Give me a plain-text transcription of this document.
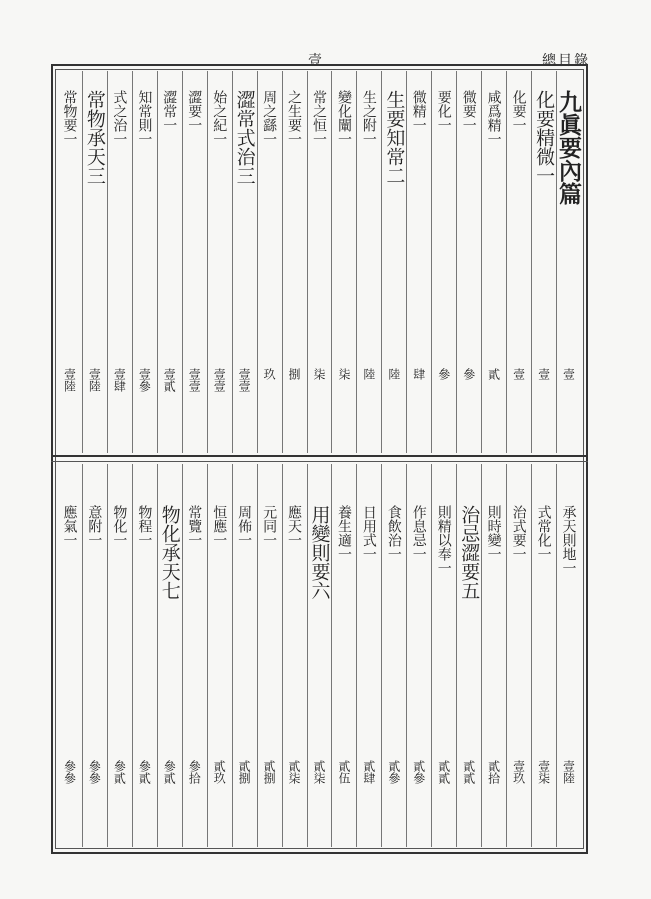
壹	總目錄
九眞要內篇
壹
化要精微一
壹
化要一
壹
咸爲精一
貳
微要一
參
要化一
參
微精一
肆
生要知常二
陸
生之附一
陸
變化闡一
柒
常之恒一
柒
之生要一
捌
周之繇一
玖
澀常式治三
壹壹
始之紀一
壹壹
澀要一
壹壹
澀常一
壹貳
知常則一
壹參
式之治一
壹肆
常物承天三
壹陸
常物要一
壹陸
承天則地一
壹陸
式常化一
壹柒
治式要一
壹玖
則時變一
貳拾
治忌澀要五
貳貳
則精以奉一
貳貳
作息忌一
貳參
食飲治一
貳參
日用式一
貳肆
養生適一
貳伍
用變則要六
貳柒
應天一
貳柒
元同一
貳捌
周佈一
貳捌
恒應一
貳玖
常覽一
參拾
物化承天七
參貳
物程一
參貳
物化一
參貳
意附一
參參
應氣一
參參
